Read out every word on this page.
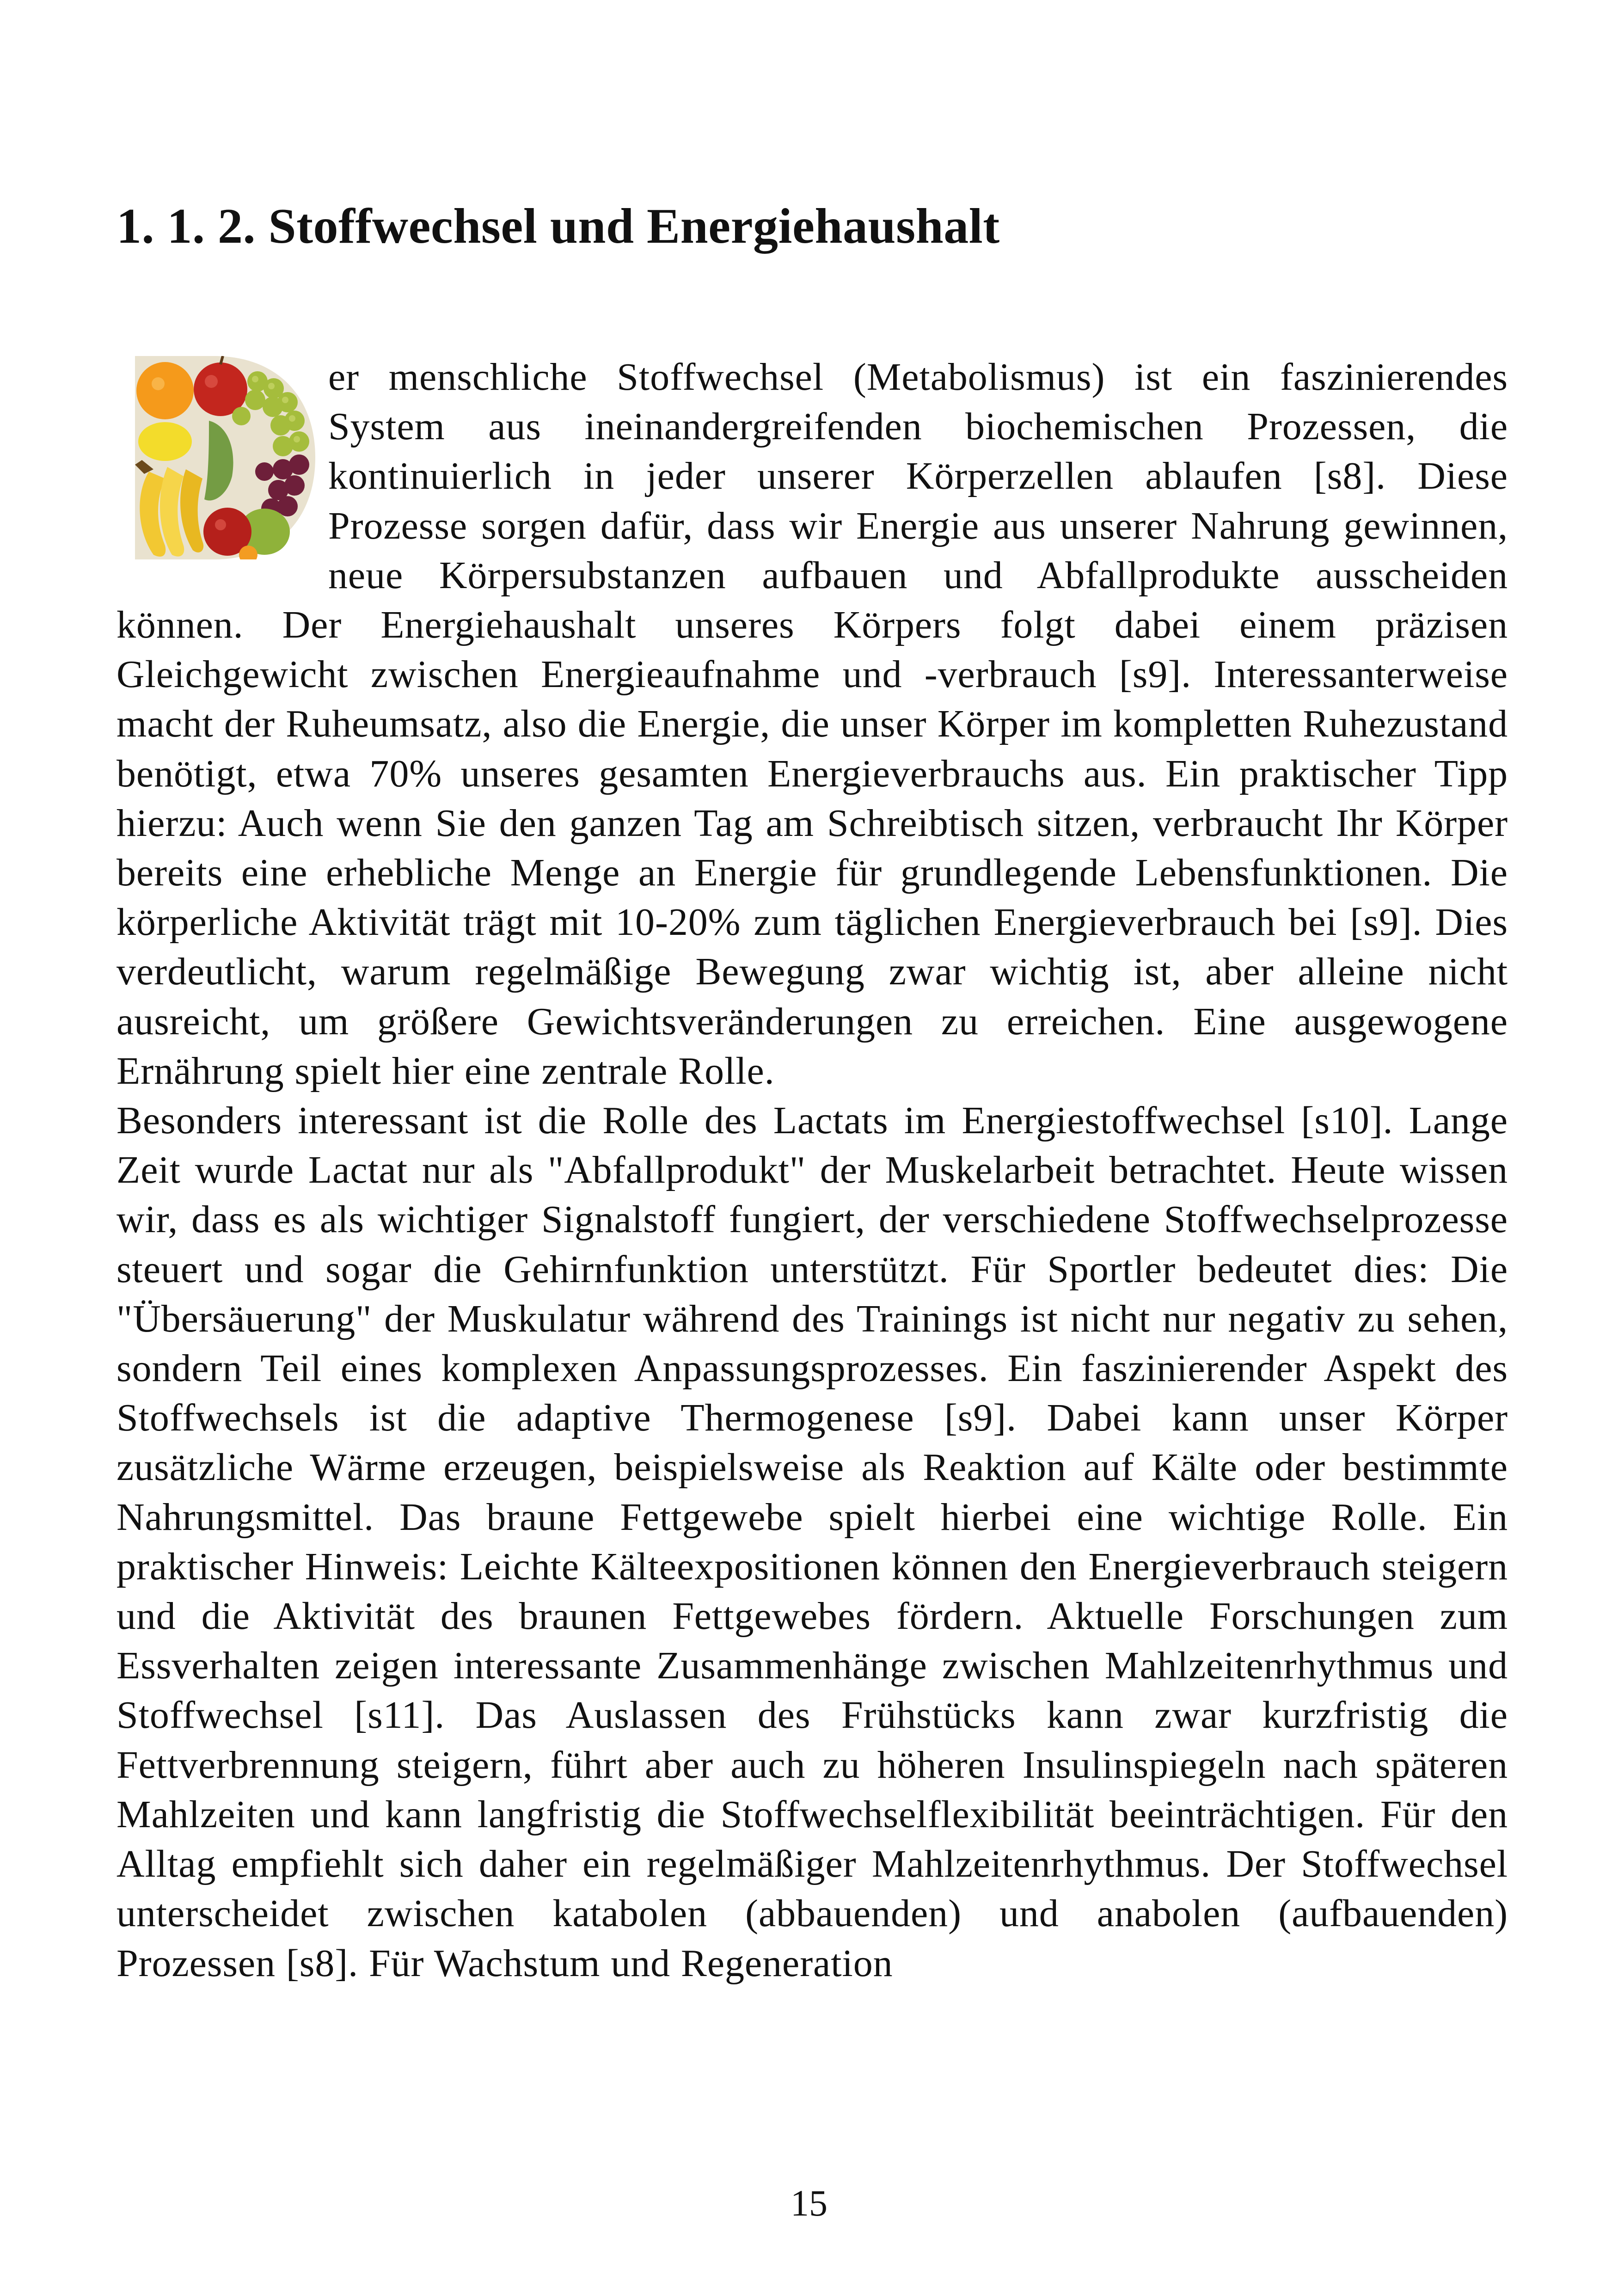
1. 1. 2. Stoffwechsel und Energiehaushalt

er menschliche Stoffwechsel (Metabolismus) ist ein faszinierendes System aus ineinandergreifenden biochemischen Prozessen, die kontinuierlich in jeder unserer Körperzellen ablaufen [s8]. Diese Prozesse sorgen dafür, dass wir Energie aus unserer Nahrung gewinnen, neue Körpersubstanzen aufbauen und Abfallprodukte ausscheiden können. Der Energiehaushalt unseres Körpers folgt dabei einem präzisen Gleichgewicht zwischen Energieaufnahme und -verbrauch [s9]. Interessanterweise macht der Ruheumsatz, also die Energie, die unser Körper im kompletten Ruhezustand benötigt, etwa 70% unseres gesamten Energieverbrauchs aus. Ein praktischer Tipp hierzu: Auch wenn Sie den ganzen Tag am Schreibtisch sitzen, verbraucht Ihr Körper bereits eine erhebliche Menge an Energie für grundlegende Lebensfunktionen. Die körperliche Aktivität trägt mit 10-20% zum täglichen Energieverbrauch bei [s9]. Dies verdeutlicht, warum regelmäßige Bewegung zwar wichtig ist, aber alleine nicht ausreicht, um größere Gewichtsveränderungen zu erreichen. Eine ausgewogene Ernährung spielt hier eine zentrale Rolle.

Besonders interessant ist die Rolle des Lactats im Energiestoffwechsel [s10]. Lange Zeit wurde Lactat nur als "Abfallprodukt" der Muskelarbeit betrachtet. Heute wissen wir, dass es als wichtiger Signalstoff fungiert, der verschiedene Stoffwechselprozesse steuert und sogar die Gehirnfunktion unterstützt. Für Sportler bedeutet dies: Die "Übersäuerung" der Muskulatur während des Trainings ist nicht nur negativ zu sehen, sondern Teil eines komplexen Anpassungsprozesses. Ein faszinierender Aspekt des Stoffwechsels ist die adaptive Thermogenese [s9]. Dabei kann unser Körper zusätzliche Wärme erzeugen, beispielsweise als Reaktion auf Kälte oder bestimmte Nahrungsmittel. Das braune Fettgewebe spielt hierbei eine wichtige Rolle. Ein praktischer Hinweis: Leichte Kälteexpositionen können den Energieverbrauch steigern und die Aktivität des braunen Fettgewebes fördern. Aktuelle Forschungen zum Essverhalten zeigen interessante Zusammenhänge zwischen Mahlzeitenrhythmus und Stoffwechsel [s11]. Das Auslassen des Frühstücks kann zwar kurzfristig die Fettverbrennung steigern, führt aber auch zu höheren Insulinspiegeln nach späteren Mahlzeiten und kann langfristig die Stoffwechselflexibilität beeinträchtigen. Für den Alltag empfiehlt sich daher ein regelmäßiger Mahlzeitenrhythmus. Der Stoffwechsel unterscheidet zwischen katabolen (abbauenden) und anabolen (aufbauenden) Prozessen [s8]. Für Wachstum und Regeneration

15
